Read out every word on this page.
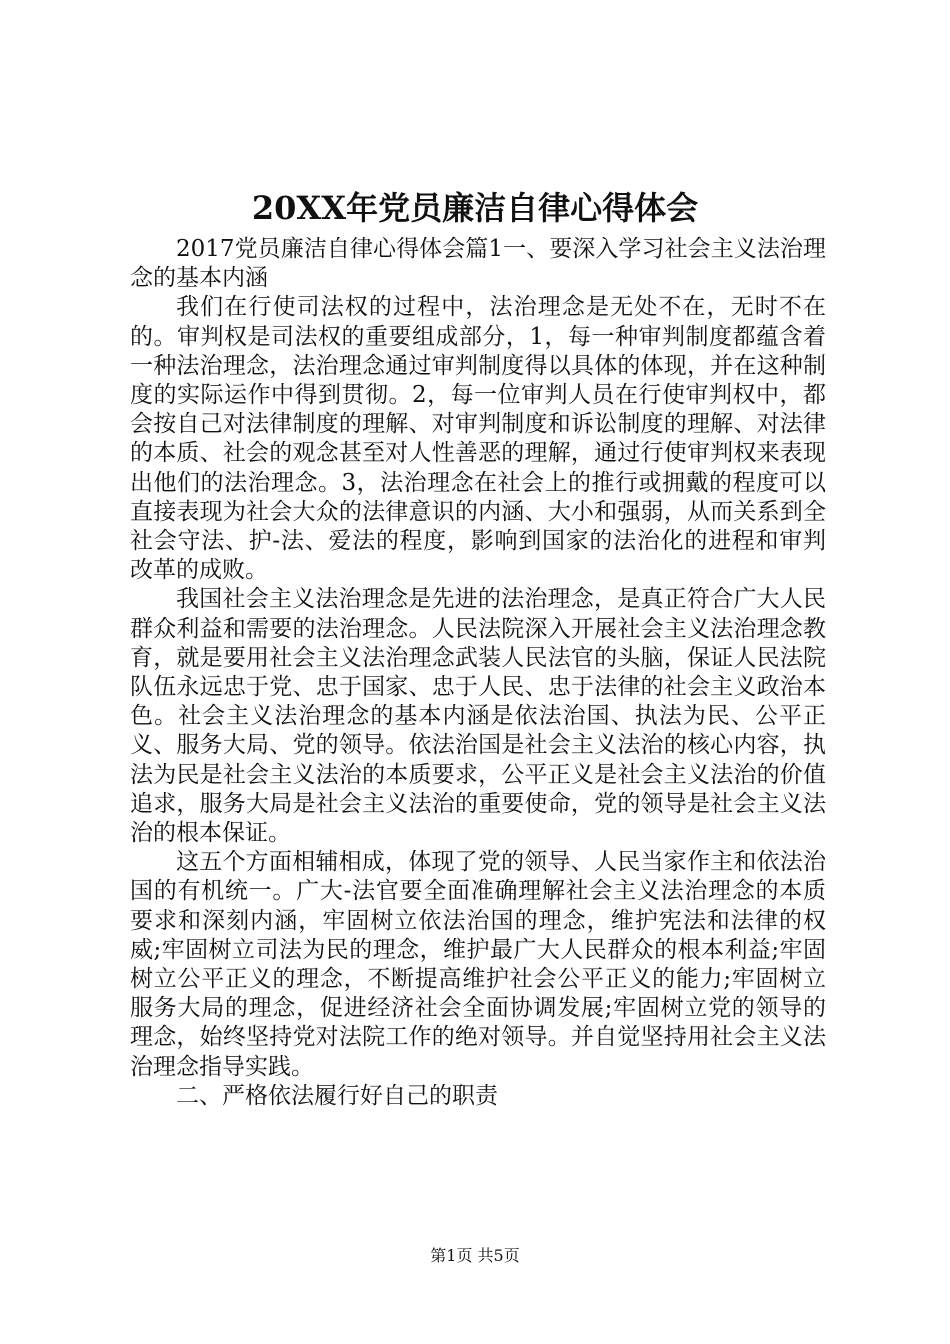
20XX年党员廉洁自律心得体会

2017党员廉洁自律心得体会篇1一、要深入学习社会主义法治理念的基本内涵

我们在行使司法权的过程中，法治理念是无处不在，无时不在的。审判权是司法权的重要组成部分，1，每一种审判制度都蕴含着一种法治理念，法治理念通过审判制度得以具体的体现，并在这种制度的实际运作中得到贯彻。2，每一位审判人员在行使审判权中，都会按自己对法律制度的理解、对审判制度和诉讼制度的理解、对法律的本质、社会的观念甚至对人性善恶的理解，通过行使审判权来表现出他们的法治理念。3，法治理念在社会上的推行或拥戴的程度可以直接表现为社会大众的法律意识的内涵、大小和强弱，从而关系到全社会守法、护-法、爱法的程度，影响到国家的法治化的进程和审判改革的成败。

我国社会主义法治理念是先进的法治理念，是真正符合广大人民群众利益和需要的法治理念。人民法院深入开展社会主义法治理念教育，就是要用社会主义法治理念武装人民法官的头脑，保证人民法院队伍永远忠于党、忠于国家、忠于人民、忠于法律的社会主义政治本色。社会主义法治理念的基本内涵是依法治国、执法为民、公平正义、服务大局、党的领导。依法治国是社会主义法治的核心内容，执法为民是社会主义法治的本质要求，公平正义是社会主义法治的价值追求，服务大局是社会主义法治的重要使命，党的领导是社会主义法治的根本保证。

这五个方面相辅相成，体现了党的领导、人民当家作主和依法治国的有机统一。广大-法官要全面准确理解社会主义法治理念的本质要求和深刻内涵，牢固树立依法治国的理念，维护宪法和法律的权威;牢固树立司法为民的理念，维护最广大人民群众的根本利益;牢固树立公平正义的理念，不断提高维护社会公平正义的能力;牢固树立服务大局的理念，促进经济社会全面协调发展;牢固树立党的领导的理念，始终坚持党对法院工作的绝对领导。并自觉坚持用社会主义法治理念指导实践。

二、严格依法履行好自己的职责

第1页 共5页
